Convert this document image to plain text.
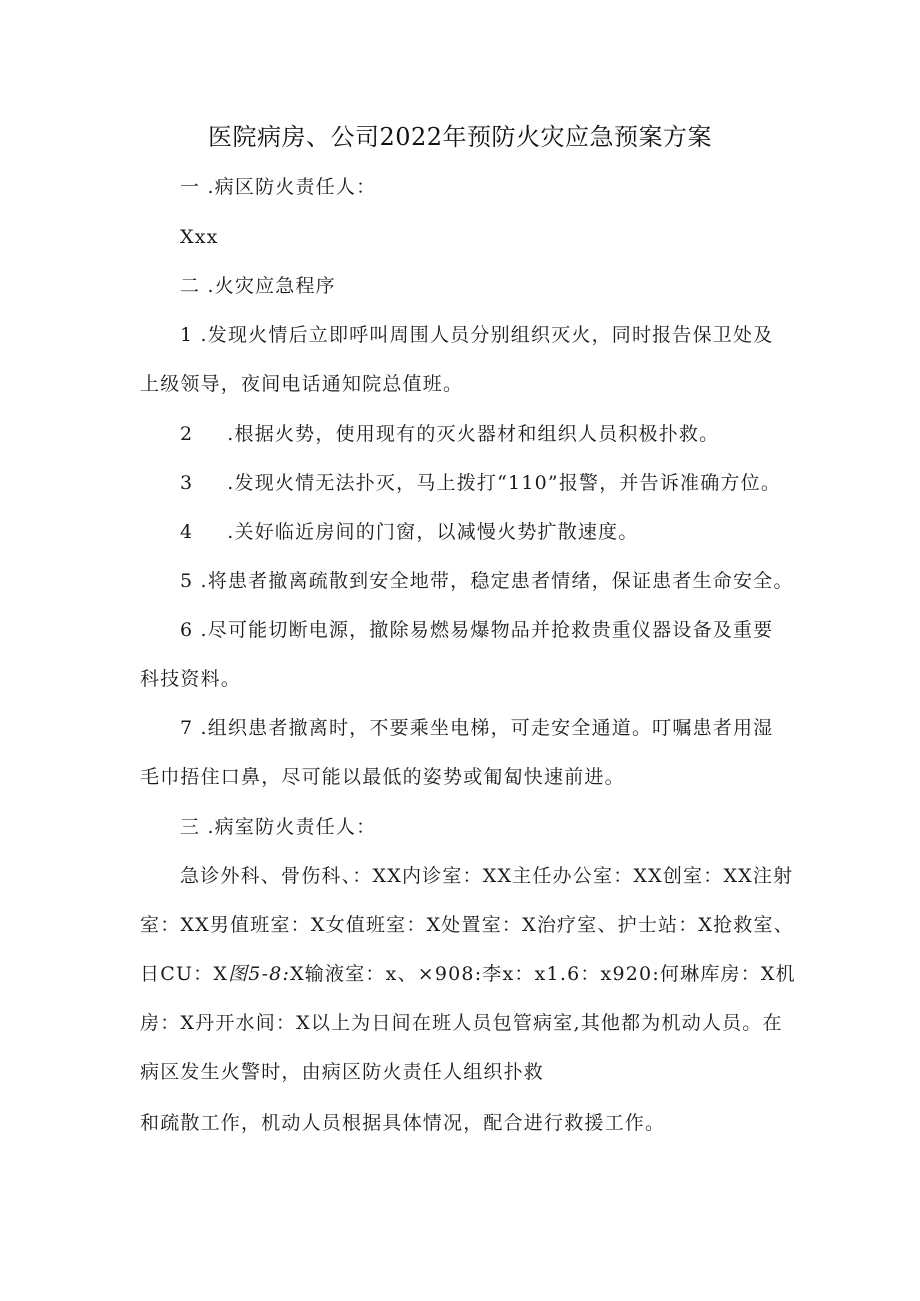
医院病房、公司2022年预防火灾应急预案方案
一 .病区防火责任人：
Xxx
二 .火灾应急程序
1 .发现火情后立即呼叫周围人员分别组织灭火，同时报告保卫处及
上级领导，夜间电话通知院总值班。
2 .根据火势，使用现有的灭火器材和组织人员积极扑救。
3 .发现火情无法扑灭，马上拨打“110”报警，并告诉准确方位。
4 .关好临近房间的门窗，以减慢火势扩散速度。
5 .将患者撤离疏散到安全地带，稳定患者情绪，保证患者生命安全。
6 .尽可能切断电源，撤除易燃易爆物品并抢救贵重仪器设备及重要
科技资料。
7 .组织患者撤离时，不要乘坐电梯，可走安全通道。叮嘱患者用湿
毛巾捂住口鼻，尽可能以最低的姿势或匍匐快速前进。
三 .病室防火责任人：
急诊外科、骨伤科、：XX内诊室：XX主任办公室：XX创室：XX注射
室：XX男值班室：X女值班室：X处置室：X治疗室、护士站：X抢救室、
日CU：X图5-8:X输液室：x、×908:李x：x1.6：x920:何琳库房：X机
房：X丹开水间：X以上为日间在班人员包管病室,其他都为机动人员。在
病区发生火警时，由病区防火责任人组织扑救
和疏散工作，机动人员根据具体情况，配合进行救援工作。
